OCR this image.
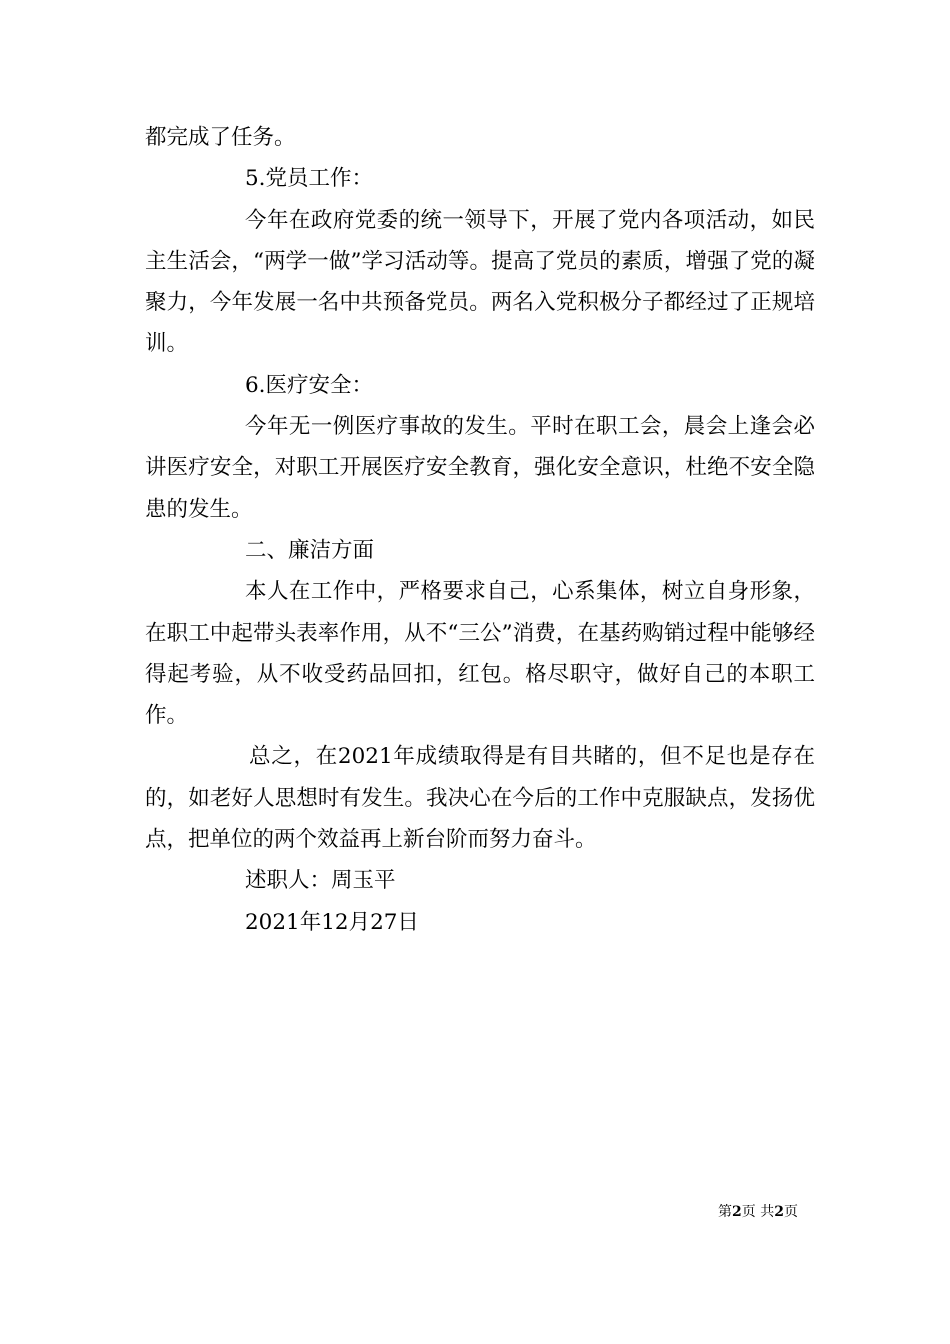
都完成了任务。

5.党员工作：

今年在政府党委的统一领导下，开展了党内各项活动，如民主生活会，“两学一做”学习活动等。提高了党员的素质，增强了党的凝聚力，今年发展一名中共预备党员。两名入党积极分子都经过了正规培训。

6.医疗安全：

今年无一例医疗事故的发生。平时在职工会，晨会上逢会必讲医疗安全，对职工开展医疗安全教育，强化安全意识，杜绝不安全隐患的发生。

二、廉洁方面

本人在工作中，严格要求自己，心系集体，树立自身形象，在职工中起带头表率作用，从不“三公”消费，在基药购销过程中能够经得起考验，从不收受药品回扣，红包。格尽职守，做好自己的本职工作。

总之，在2021年成绩取得是有目共睹的，但不足也是存在的，如老好人思想时有发生。我决心在今后的工作中克服缺点，发扬优点，把单位的两个效益再上新台阶而努力奋斗。

述职人：周玉平

2021年12月27日

第2页 共2页
